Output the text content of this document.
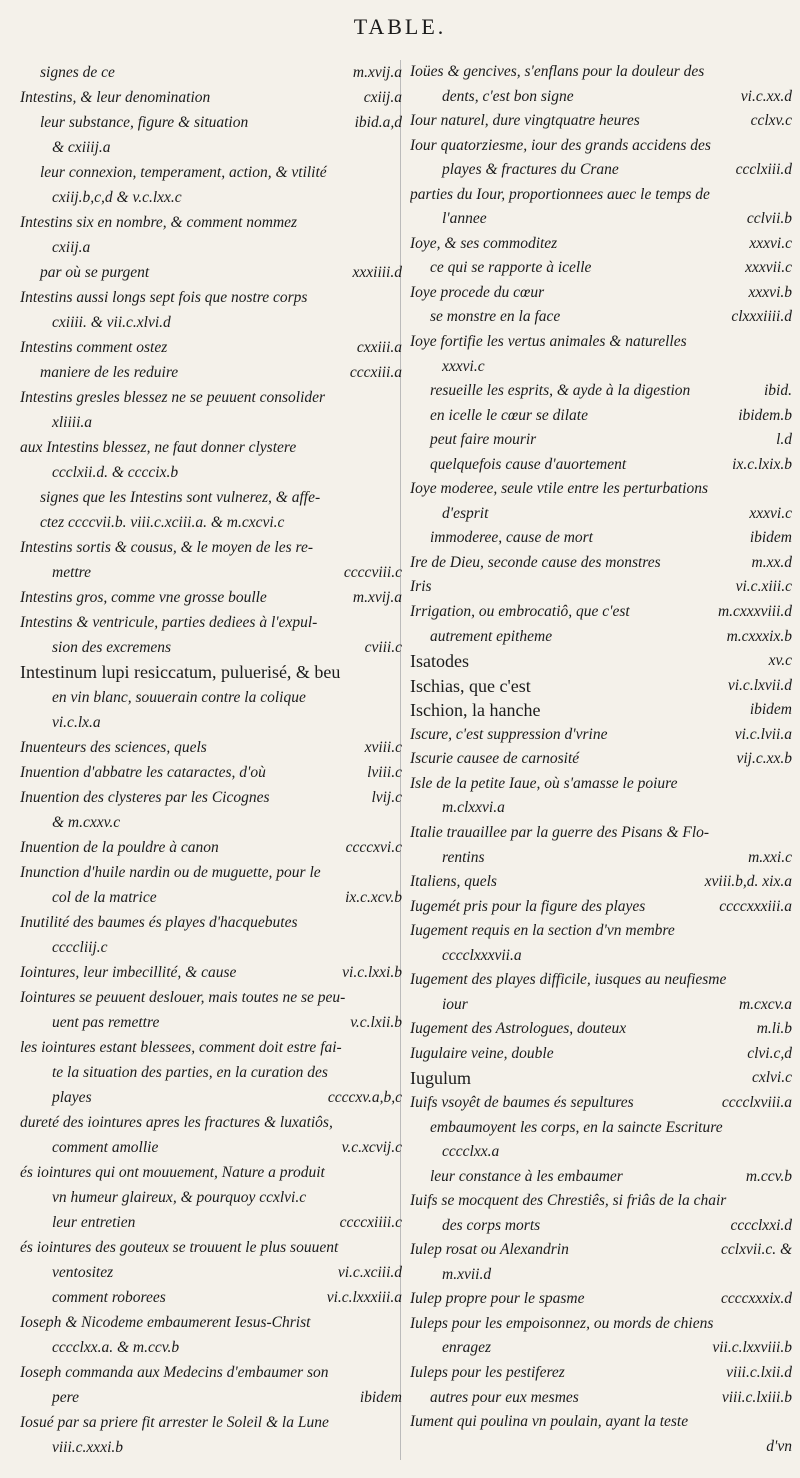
TABLE.
signes de ce	m.xvij.a
Intestins, & leur denomination	cxiij.a
leur substance, figure & situation	ibid.a,d
& cxiiij.a
leur connexion, temperament, action, & vtilité
cxiij.b,c,d & v.c.lxx.c
Intestins six en nombre, & comment nommez
cxiij.a
par où se purgent	xxxiiii.d
Intestins aussi longs sept fois que nostre corps
cxiiii. & vii.c.xlvi.d
Intestins comment ostez	cxxiii.a
maniere de les reduire	cccxiii.a
Intestins gresles blessez ne se peuuent consolider
xliiii.a
aux Intestins blessez, ne faut donner clystere
ccclxii.d. & ccccix.b
signes que les Intestins sont vulnerez, & affe-
ctez ccccvii.b. viii.c.xciii.a. & m.cxcvi.c
Intestins sortis & cousus, & le moyen de les re-
mettre	ccccviii.c
Intestins gros, comme vne grosse boulle	m.xvij.a
Intestins & ventricule, parties dediees à l'expul-
sion des excremens	cviii.c
Intestinum lupi resiccatum, puluerisé, & beu
en vin blanc, souuerain contre la colique
vi.c.lx.a
Inuenteurs des sciences, quels	xviii.c
Inuention d'abbatre les cataractes, d'où	lviii.c
Inuention des clysteres par les Cicognes	lvij.c
& m.cxxv.c
Inuention de la pouldre à canon	ccccxvi.c
Inunction d'huile nardin ou de muguette, pour le
col de la matrice	ix.c.xcv.b
Inutilité des baumes és playes d'hacquebutes
ccccliij.c
Iointures, leur imbecillité, & cause	vi.c.lxxi.b
Iointures se peuuent deslouer, mais toutes ne se peu-
uent pas remettre	v.c.lxii.b
les iointures estant blessees, comment doit estre fai-
te la situation des parties, en la curation des
playes	ccccxv.a,b,c
dureté des iointures apres les fractures & luxatiôs,
comment amollie	v.c.xcvij.c
és iointures qui ont mouuement, Nature a produit
vn humeur glaireux, & pourquoy ccxlvi.c
leur entretien	ccccxiiii.c
és iointures des gouteux se trouuent le plus souuent
ventositez	vi.c.xciii.d
comment roborees	vi.c.lxxxiii.a
Ioseph & Nicodeme embaumerent Iesus-Christ
cccclxx.a. & m.ccv.b
Ioseph commanda aux Medecins d'embaumer son
pere	ibidem
Iosué par sa priere fit arrester le Soleil & la Lune
viii.c.xxxi.b
Ioües & gencives, s'enflans pour la douleur des
dents, c'est bon signe	vi.c.xx.d
Iour naturel, dure vingtquatre heures	cclxv.c
Iour quatorziesme, iour des grands accidens des
playes & fractures du Crane	ccclxiii.d
parties du Iour, proportionnees auec le temps de
l'annee	cclvii.b
Ioye, & ses commoditez	xxxvi.c
ce qui se rapporte à icelle	xxxvii.c
Ioye procede du cœur	xxxvi.b
se monstre en la face	clxxxiiii.d
Ioye fortifie les vertus animales & naturelles
xxxvi.c
resueille les esprits, & ayde à la digestion	ibid.
en icelle le cœur se dilate	ibidem.b
peut faire mourir	l.d
quelquefois cause d'auortement	ix.c.lxix.b
Ioye moderee, seule vtile entre les perturbations
d'esprit	xxxvi.c
immoderee, cause de mort	ibidem
Ire de Dieu, seconde cause des monstres	m.xx.d
Iris	vi.c.xiii.c
Irrigation, ou embrocatiô, que c'est	m.cxxxviii.d
autrement epitheme	m.cxxxix.b
Isatodes	xv.c
Ischias, que c'est	vi.c.lxvii.d
Ischion, la hanche	ibidem
Iscure, c'est suppression d'vrine	vi.c.lvii.a
Iscurie causee de carnosité	vij.c.xx.b
Isle de la petite Iaue, où s'amasse le poiure
m.clxxvi.a
Italie trauaillee par la guerre des Pisans & Flo-
rentins	m.xxi.c
Italiens, quels	xviii.b,d. xix.a
Iugemét pris pour la figure des playes	ccccxxxiii.a
Iugement requis en la section d'vn membre
cccclxxxvii.a
Iugement des playes difficile, iusques au neufiesme
iour	m.cxcv.a
Iugement des Astrologues, douteux	m.li.b
Iugulaire veine, double	clvi.c,d
Iugulum	cxlvi.c
Iuifs vsoyêt de baumes és sepultures	cccclxviii.a
embaumoyent les corps, en la saincte Escriture
cccclxx.a
leur constance à les embaumer	m.ccv.b
Iuifs se mocquent des Chrestiês, si friâs de la chair
des corps morts	cccclxxi.d
Iulep rosat ou Alexandrin	cclxvii.c. &
m.xvii.d
Iulep propre pour le spasme	ccccxxxix.d
Iuleps pour les empoisonnez, ou mords de chiens
enragez	vii.c.lxxviii.b
Iuleps pour les pestiferez	viii.c.lxii.d
autres pour eux mesmes	viii.c.lxiii.b
Iument qui poulina vn poulain, ayant la teste
d'vn
